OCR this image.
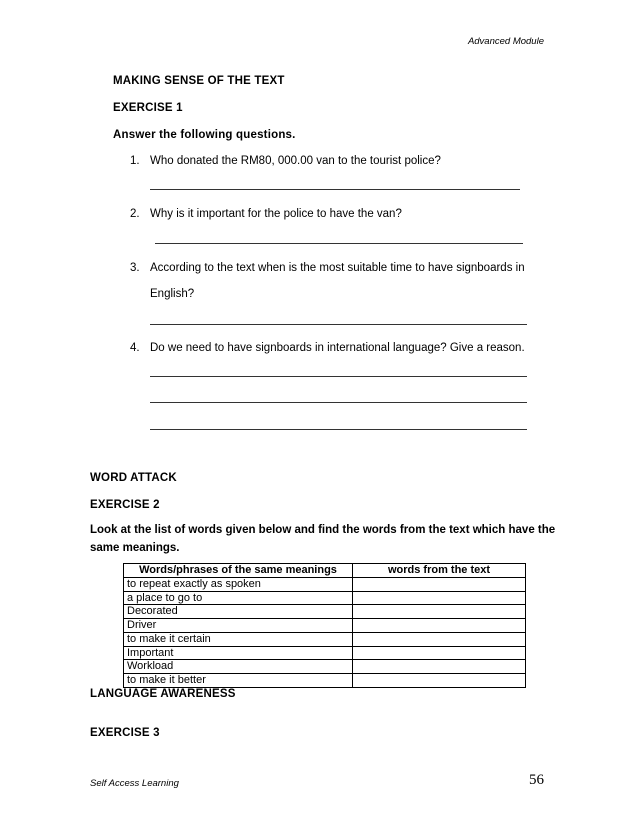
Advanced Module
MAKING SENSE OF THE TEXT
EXERCISE 1
Answer the following questions.
1. Who donated the RM80, 000.00 van to the tourist police?
2. Why is it important for the police to have the van?
3. According to the text when is the most suitable time to have signboards in
English?
4. Do we need to have signboards in international language? Give a reason.
WORD ATTACK
EXERCISE 2
Look at the list of words given below and find the words from the text which have the same meanings.
Words/phrases of the same meanings	words from the text
to repeat exactly as spoken	
a place to go to	
Decorated	
Driver	
to make it certain	
Important	
Workload	
to make it better	
LANGUAGE AWARENESS
EXERCISE 3
Self Access Learning	56
